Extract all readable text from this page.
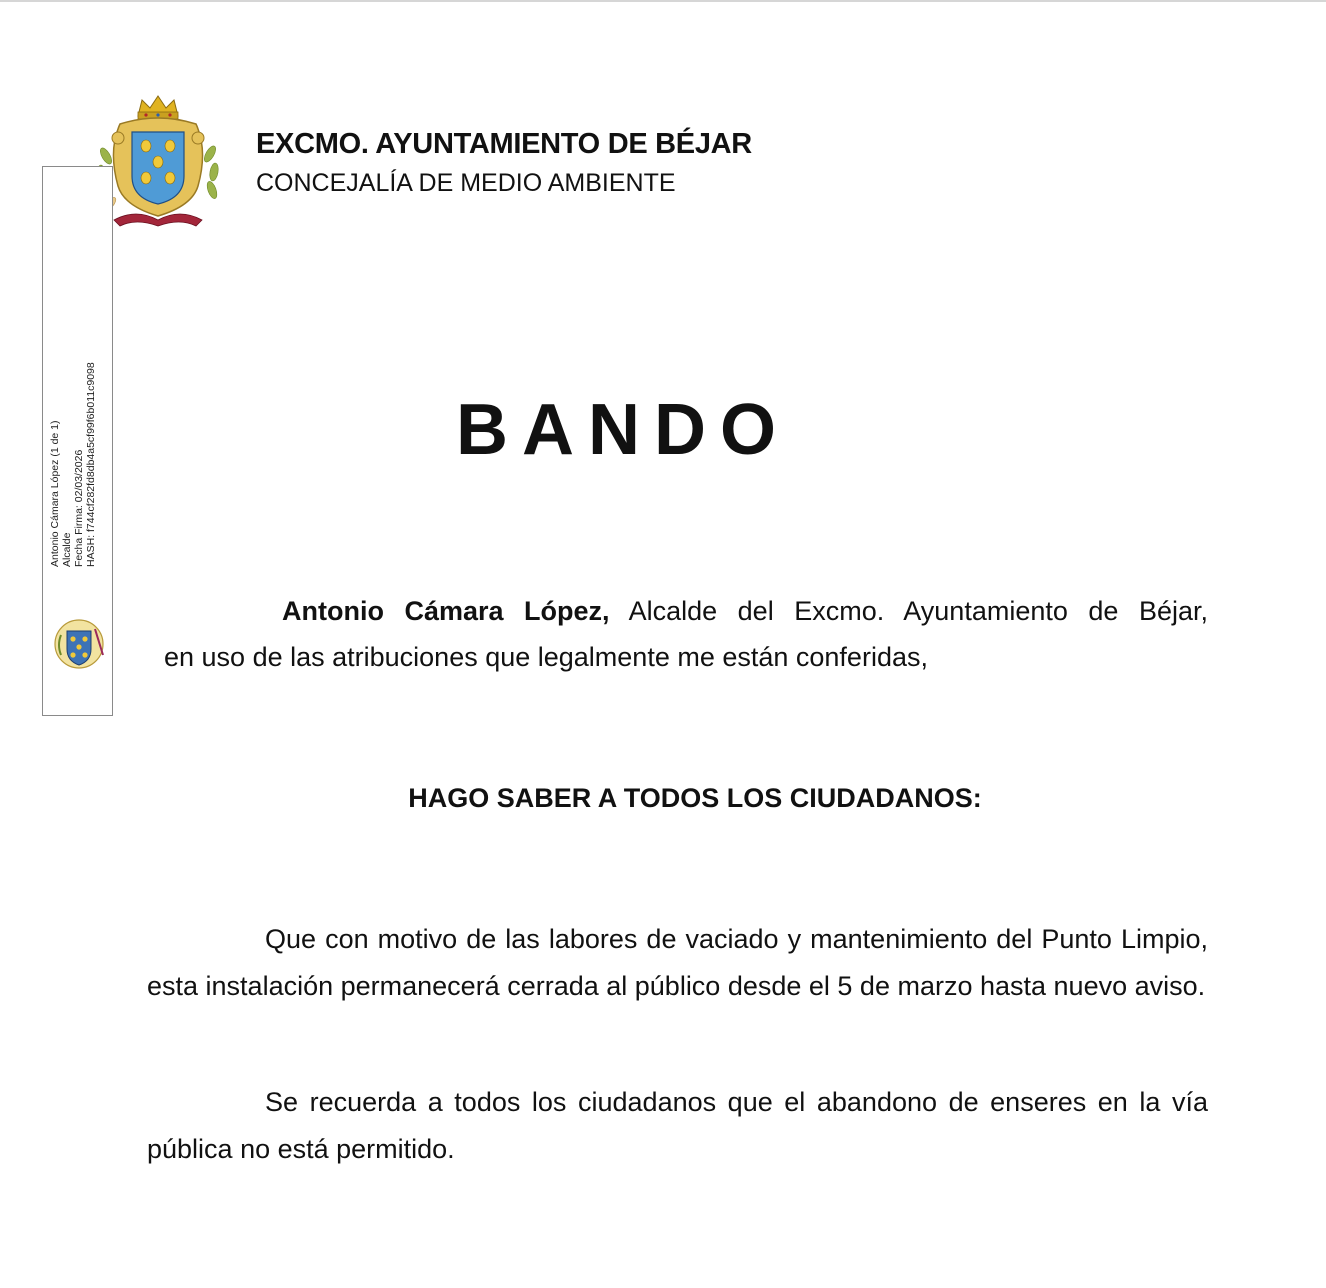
EXCMO. AYUNTAMIENTO DE BÉJAR
CONCEJALÍA DE MEDIO AMBIENTE
Antonio Cámara López (1 de 1) Alcalde Fecha Firma: 02/03/2026 HASH: f744cf282fd8db4a5cf99f6b011c9098	BANDO
Antonio Cámara López, Alcalde del Excmo. Ayuntamiento de Béjar,
en uso de las atribuciones que legalmente me están conferidas,
HAGO SABER A TODOS LOS CIUDADANOS:

Que con motivo de las labores de vaciado y mantenimiento del Punto Limpio, esta instalación permanecerá cerrada al público desde el 5 de marzo hasta nuevo aviso.

Se recuerda a todos los ciudadanos que el abandono de enseres en la vía pública no está permitido.
